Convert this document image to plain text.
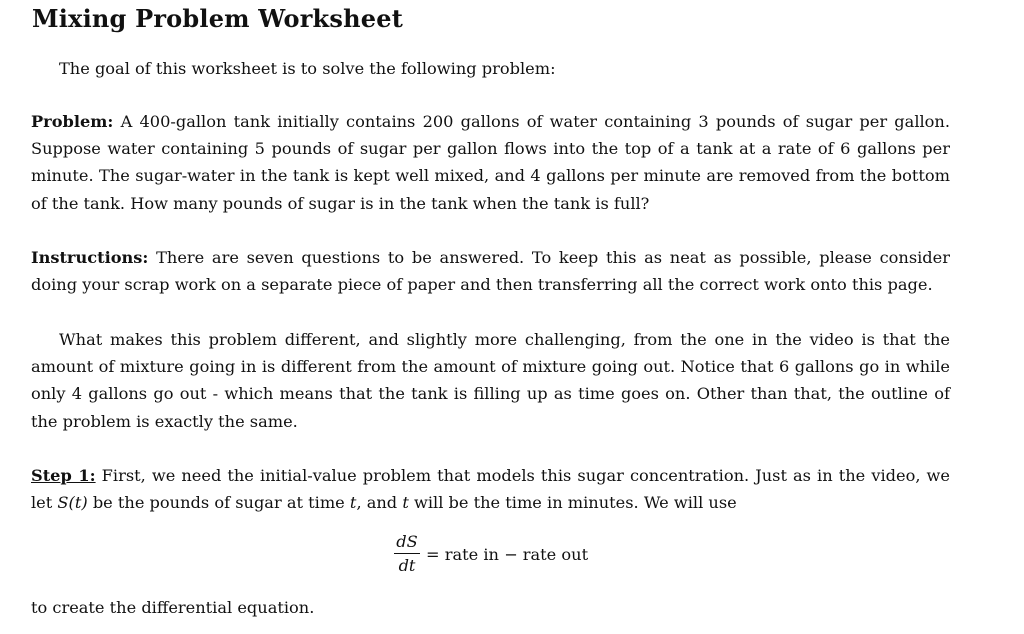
Mixing Problem Worksheet
The goal of this worksheet is to solve the following problem:
Problem: A 400-gallon tank initially contains 200 gallons of water containing 3 pounds of sugar per gallon. Suppose water containing 5 pounds of sugar per gallon flows into the top of a tank at a rate of 6 gallons per minute. The sugar-water in the tank is kept well mixed, and 4 gallons per minute are removed from the bottom of the tank. How many pounds of sugar is in the tank when the tank is full?
Instructions: There are seven questions to be answered. To keep this as neat as possible, please consider doing your scrap work on a separate piece of paper and then transferring all the correct work onto this page.
What makes this problem different, and slightly more challenging, from the one in the video is that the amount of mixture going in is different from the amount of mixture going out. Notice that 6 gallons go in while only 4 gallons go out - which means that the tank is filling up as time goes on. Other than that, the outline of the problem is exactly the same.
Step 1: First, we need the initial-value problem that models this sugar concentration. Just as in the video, we let S(t) be the pounds of sugar at time t, and t will be the time in minutes. We will use
$\frac{dS}{dt}$ = rate in − rate out
to create the differential equation.
